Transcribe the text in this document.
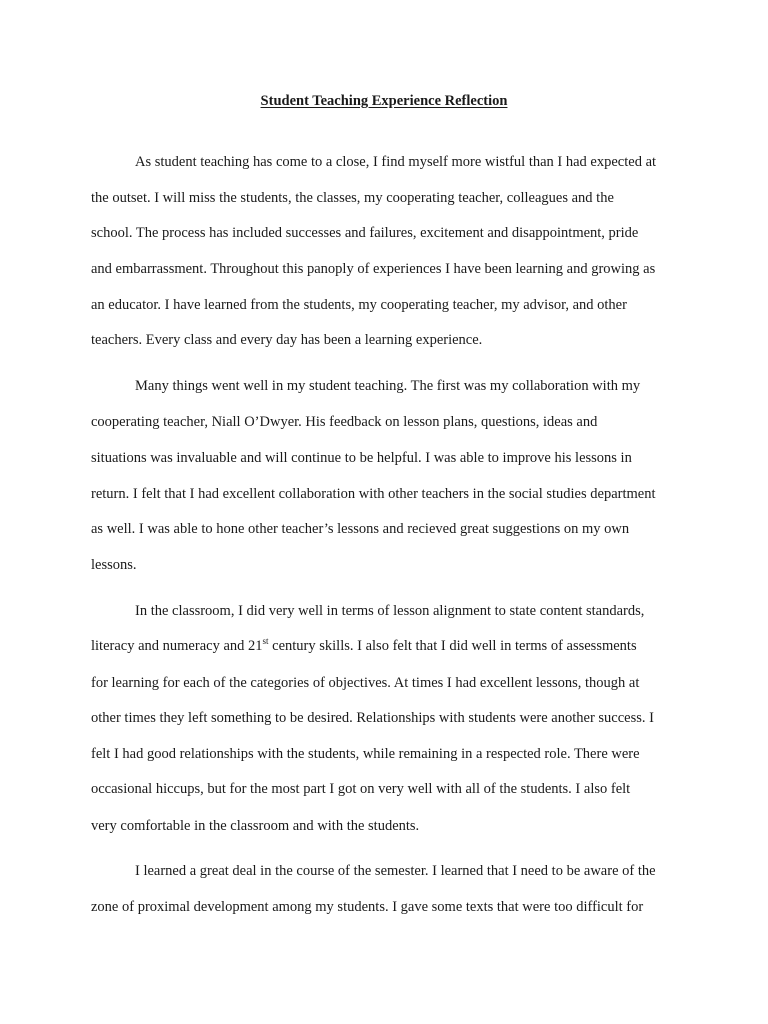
Student Teaching Experience Reflection
As student teaching has come to a close, I find myself more wistful than I had expected at
the outset. I will miss the students, the classes, my cooperating teacher, colleagues and the
school. The process has included successes and failures, excitement and disappointment, pride
and embarrassment. Throughout this panoply of experiences I have been learning and growing as
an educator. I have learned from the students, my cooperating teacher, my advisor, and other
teachers. Every class and every day has been a learning experience.
Many things went well in my student teaching. The first was my collaboration with my
cooperating teacher, Niall O’Dwyer. His feedback on lesson plans, questions, ideas and
situations was invaluable and will continue to be helpful. I was able to improve his lessons in
return. I felt that I had excellent collaboration with other teachers in the social studies department
as well. I was able to hone other teacher’s lessons and recieved great suggestions on my own
lessons.
In the classroom, I did very well in terms of lesson alignment to state content standards,
literacy and numeracy and 21st century skills. I also felt that I did well in terms of assessments
for learning for each of the categories of objectives. At times I had excellent lessons, though at
other times they left something to be desired. Relationships with students were another success. I
felt I had good relationships with the students, while remaining in a respected role. There were
occasional hiccups, but for the most part I got on very well with all of the students. I also felt
very comfortable in the classroom and with the students.
I learned a great deal in the course of the semester. I learned that I need to be aware of the
zone of proximal development among my students. I gave some texts that were too difficult for
